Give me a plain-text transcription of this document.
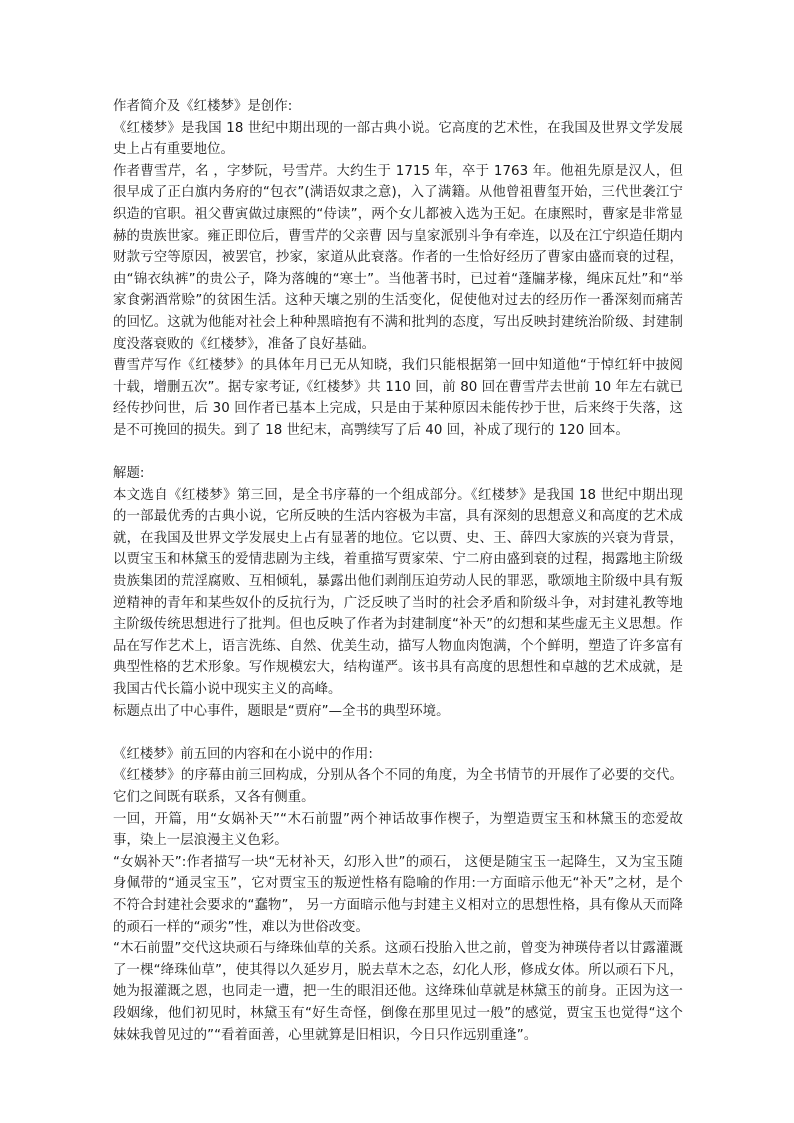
作者简介及《红楼梦》是创作:

《红楼梦》是我国 18 世纪中期出现的一部古典小说。它高度的艺术性，在我国及世界文学发展史上占有重要地位。

作者曹雪芹，名 ，字梦阮，号雪芹。大约生于 1715 年，卒于 1763 年。他祖先原是汉人，但很早成了正白旗内务府的“包衣”(满语奴隶之意)，入了满籍。从他曾祖曹玺开始，三代世袭江宁织造的官职。祖父曹寅做过康熙的“侍读”，两个女儿都被入选为王妃。在康熙时，曹家是非常显赫的贵族世家。雍正即位后，曹雪芹的父亲曹 因与皇家派别斗争有牵连，以及在江宁织造任期内财款亏空等原因，被罢官，抄家，家道从此衰落。作者的一生恰好经历了曹家由盛而衰的过程，由“锦衣纨裤”的贵公子，降为落魄的“寒士”。当他著书时，已过着“蓬牖茅椽，绳床瓦灶”和“举家食粥酒常赊”的贫困生活。这种天壤之别的生活变化，促使他对过去的经历作一番深刻而痛苦的回忆。这就为他能对社会上种种黑暗抱有不满和批判的态度，写出反映封建统治阶级、封建制度没落衰败的《红楼梦》，准备了良好基础。

曹雪芹写作《红楼梦》的具体年月已无从知晓，我们只能根据第一回中知道他“于悼红轩中披阅十载，增删五次”。据专家考证,《红楼梦》共 110 回，前 80 回在曹雪芹去世前 10 年左右就已经传抄问世，后 30 回作者已基本上完成，只是由于某种原因未能传抄于世，后来终于失落，这是不可挽回的损失。到了 18 世纪末，高鹗续写了后 40 回，补成了现行的 120 回本。

解题:

本文选自《红楼梦》第三回，是全书序幕的一个组成部分。《红楼梦》是我国 18 世纪中期出现的一部最优秀的古典小说，它所反映的生活内容极为丰富，具有深刻的思想意义和高度的艺术成就，在我国及世界文学发展史上占有显著的地位。它以贾、史、王、薛四大家族的兴衰为背景，以贾宝玉和林黛玉的爱情悲剧为主线，着重描写贾家荣、宁二府由盛到衰的过程，揭露地主阶级贵族集团的荒淫腐败、互相倾轧，暴露出他们剥削压迫劳动人民的罪恶，歌颂地主阶级中具有叛逆精神的青年和某些奴仆的反抗行为，广泛反映了当时的社会矛盾和阶级斗争，对封建礼教等地主阶级传统思想进行了批判。但也反映了作者为封建制度“补天”的幻想和某些虚无主义思想。作品在写作艺术上，语言洗练、自然、优美生动，描写人物血肉饱满，个个鲜明，塑造了许多富有典型性格的艺术形象。写作规模宏大，结构谨严。该书具有高度的思想性和卓越的艺术成就，是我国古代长篇小说中现实主义的高峰。

标题点出了中心事件，题眼是“贾府”—全书的典型环境。

《红楼梦》前五回的内容和在小说中的作用:

《红楼梦》的序幕由前三回构成，分别从各个不同的角度，为全书情节的开展作了必要的交代。它们之间既有联系，又各有侧重。

一回，开篇，用“女娲补天”“木石前盟”两个神话故事作楔子，为塑造贾宝玉和林黛玉的恋爱故事，染上一层浪漫主义色彩。

“女娲补天”:作者描写一块“无材补天，幻形入世”的顽石， 这便是随宝玉一起降生，又为宝玉随身佩带的“通灵宝玉”，它对贾宝玉的叛逆性格有隐喻的作用:一方面暗示他无“补天”之材，是个不符合封建社会要求的“蠢物”， 另一方面暗示他与封建主义相对立的思想性格，具有像从天而降的顽石一样的“顽劣”性，难以为世俗改变。

“木石前盟”交代这块顽石与绛珠仙草的关系。这顽石投胎入世之前，曾变为神瑛侍者以甘露灌溉了一棵“绛珠仙草”，使其得以久延岁月，脱去草木之态，幻化人形，修成女体。所以顽石下凡，她为报灌溉之恩，也同走一遭，把一生的眼泪还他。这绛珠仙草就是林黛玉的前身。正因为这一段姻缘，他们初见时，林黛玉有“好生奇怪，倒像在那里见过一般”的感觉，贾宝玉也觉得“这个妹妹我曾见过的”“看着面善，心里就算是旧相识，今日只作远别重逢”。
